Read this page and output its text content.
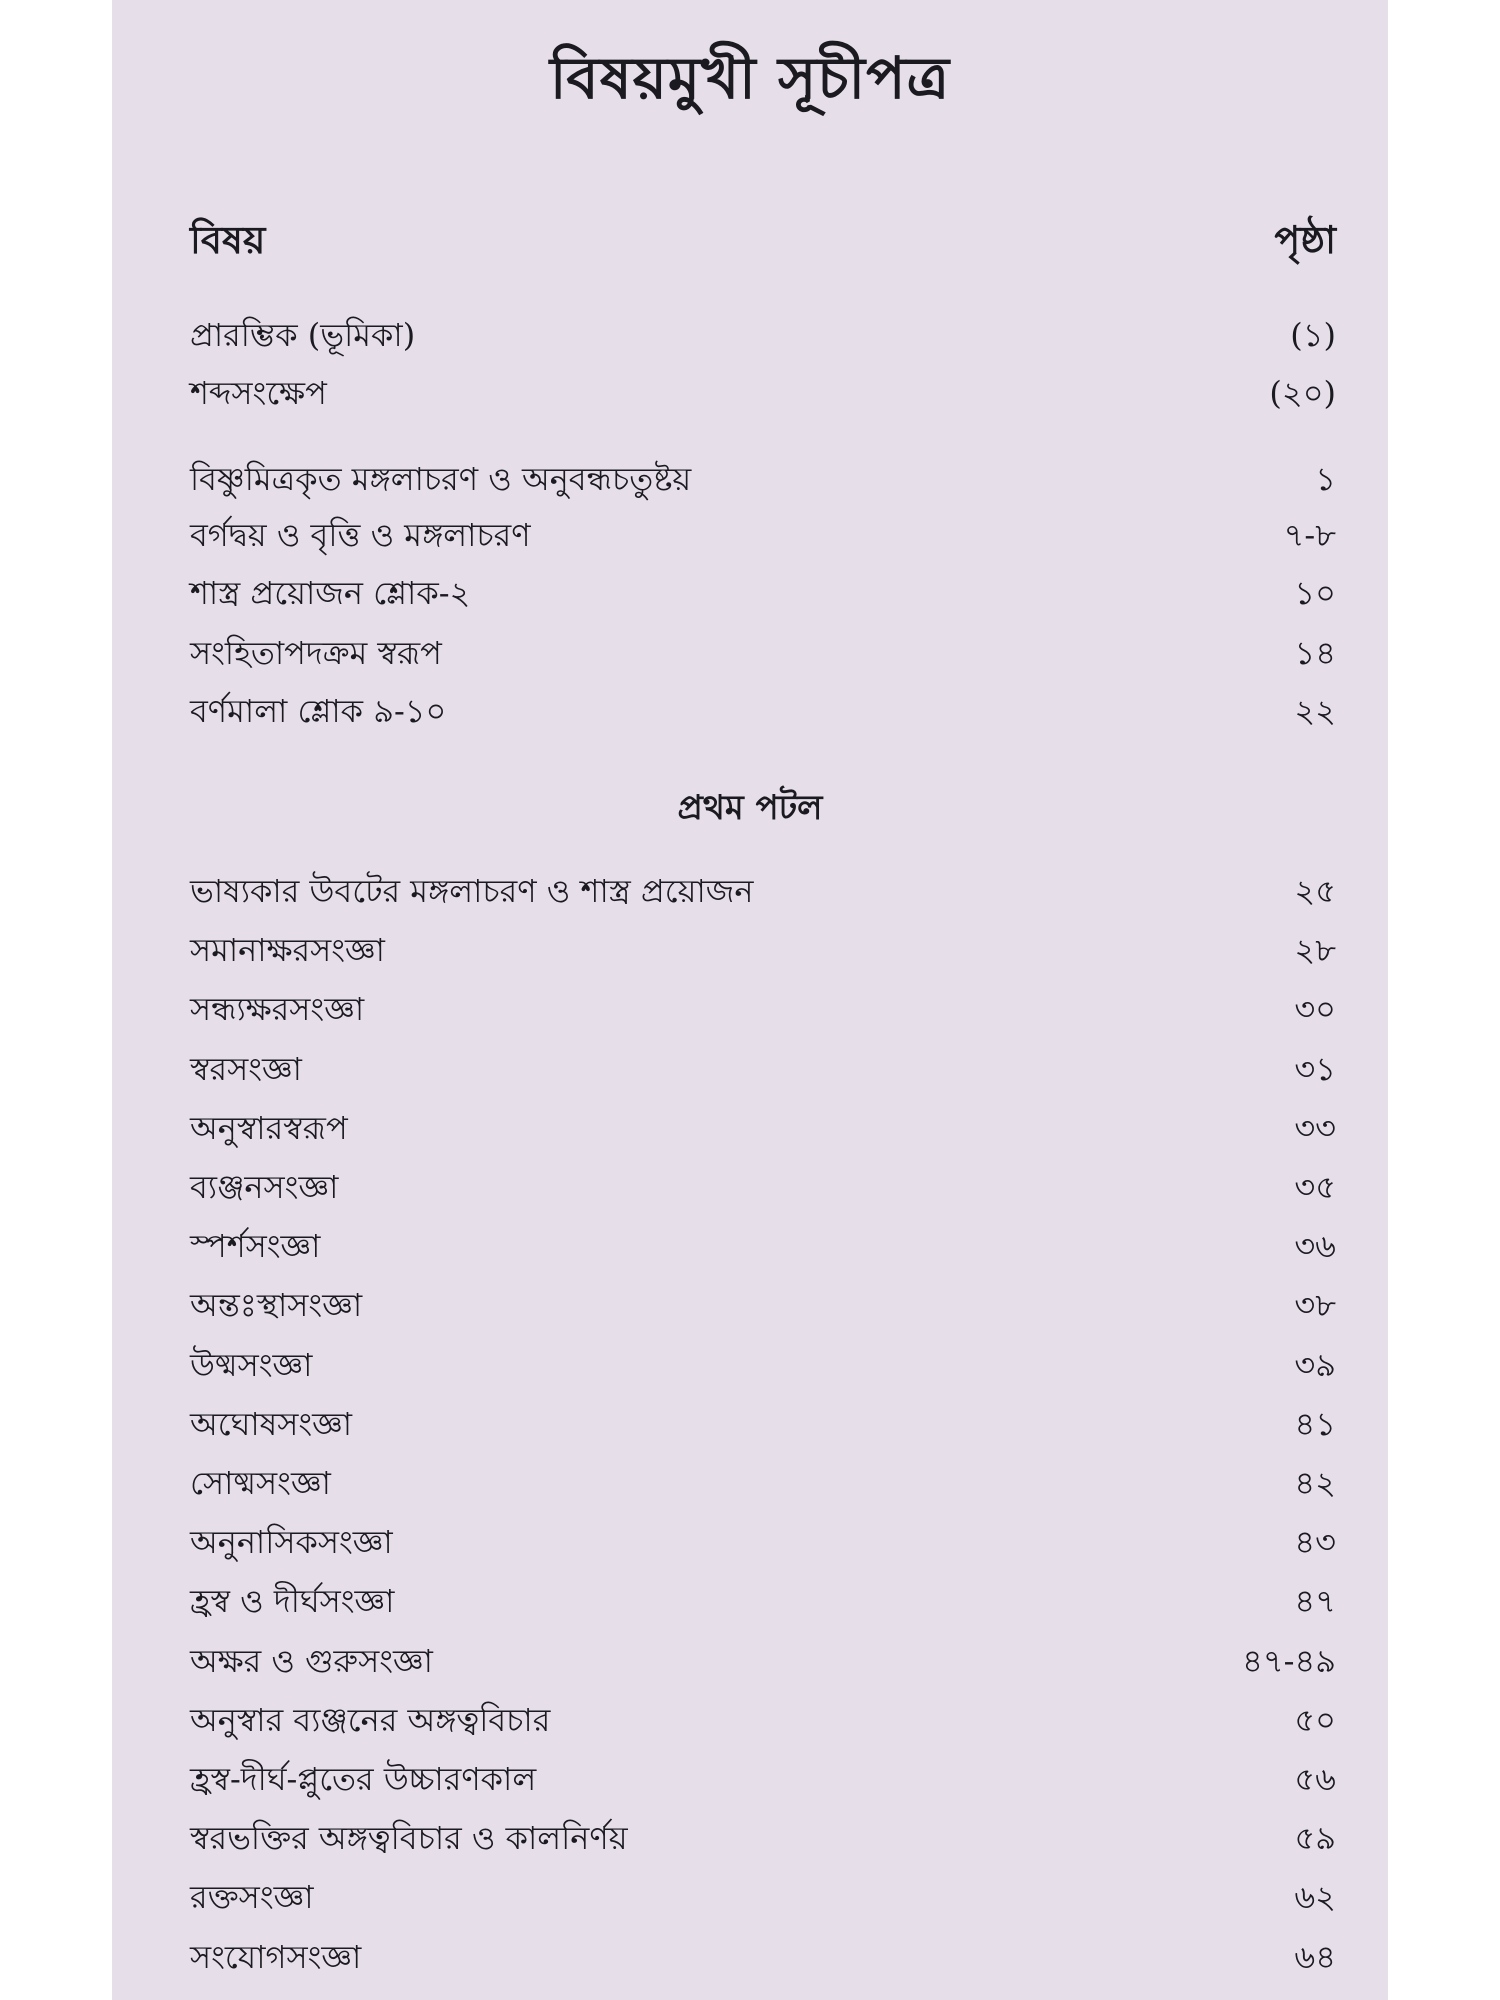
বিষয়মুখী সূচীপত্র
বিষয়	পৃষ্ঠা
প্রথম পটল
প্রারম্ভিক (ভূমিকা)	(১)
শব্দসংক্ষেপ	(২০)
বিষ্ণুমিত্রকৃত মঙ্গলাচরণ ও অনুবন্ধচতুষ্টয়	১
বর্গদ্বয় ও বৃত্তি ও মঙ্গলাচরণ	৭-৮
শাস্ত্র প্রয়োজন শ্লোক-২	১০
সংহিতাপদক্রম স্বরূপ	১৪
বর্ণমালা শ্লোক ৯-১০	২২
ভাষ্যকার উবটের মঙ্গলাচরণ ও শাস্ত্র প্রয়োজন	২৫
সমানাক্ষরসংজ্ঞা	২৮
সন্ধ্যক্ষরসংজ্ঞা	৩০
স্বরসংজ্ঞা	৩১
অনুস্বারস্বরূপ	৩৩
ব্যঞ্জনসংজ্ঞা	৩৫
স্পর্শসংজ্ঞা	৩৬
অন্তঃস্থাসংজ্ঞা	৩৮
উষ্মসংজ্ঞা	৩৯
অঘোষসংজ্ঞা	৪১
সোষ্মসংজ্ঞা	৪২
অনুনাসিকসংজ্ঞা	৪৩
হ্রস্ব ও দীর্ঘসংজ্ঞা	৪৭
অক্ষর ও গুরুসংজ্ঞা	৪৭-৪৯
অনুস্বার ব্যঞ্জনের অঙ্গত্ববিচার	৫০
হ্রস্ব-দীর্ঘ-প্লুতের উচ্চারণকাল	৫৬
স্বরভক্তির অঙ্গত্ববিচার ও কালনির্ণয়	৫৯
রক্তসংজ্ঞা	৬২
সংযোগসংজ্ঞা	৬৪
